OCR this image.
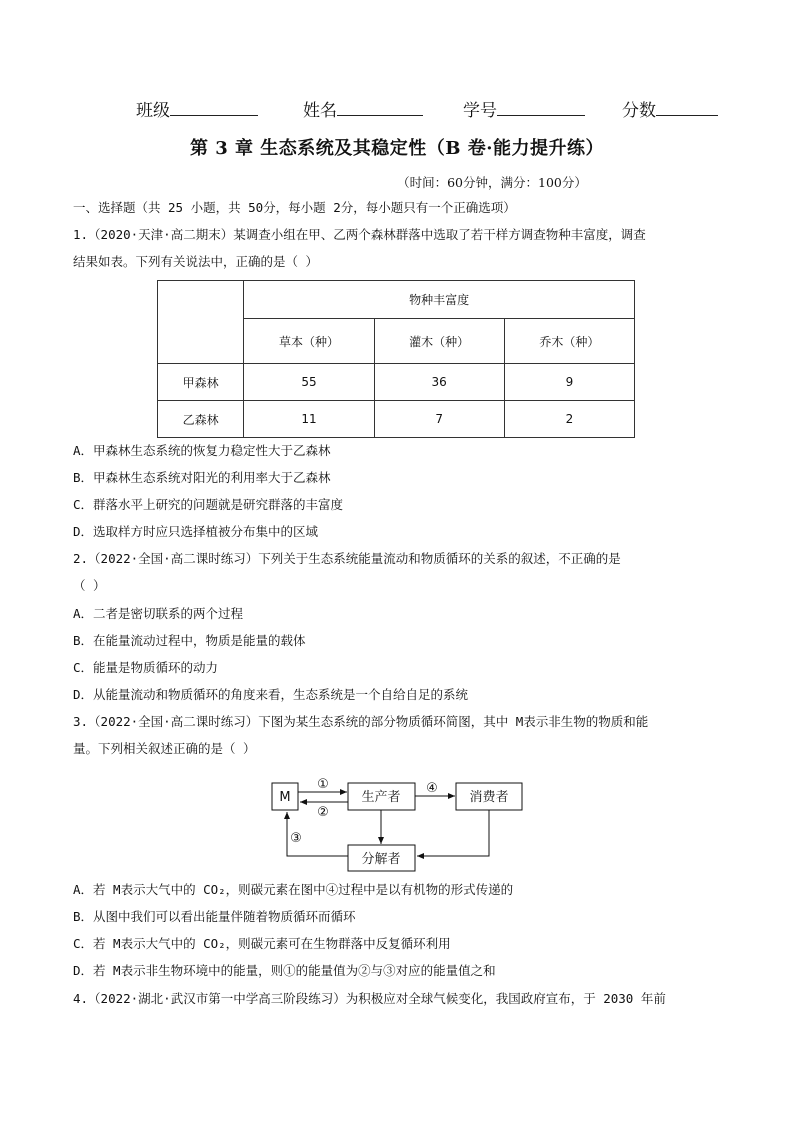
班级	姓名	学号	分数
第 3 章 生态系统及其稳定性（B 卷·能力提升练）
（时间：60分钟，满分：100分）
一、选择题（共 25 小题，共 50分，每小题 2分，每小题只有一个正确选项）
1.（2020·天津·高二期末）某调查小组在甲、乙两个森林群落中选取了若干样方调查物种丰富度，调查
结果如表。下列有关说法中，正确的是（ ）
	物种丰富度		
	草本（种）	灌木（种）	乔木（种）
甲森林	55	36	9
乙森林	11	7	2
A．甲森林生态系统的恢复力稳定性大于乙森林
B．甲森林生态系统对阳光的利用率大于乙森林
C．群落水平上研究的问题就是研究群落的丰富度
D．选取样方时应只选择植被分布集中的区域
2.（2022·全国·高二课时练习）下列关于生态系统能量流动和物质循环的关系的叙述，不正确的是
（ ）
A．二者是密切联系的两个过程
B．在能量流动过程中，物质是能量的载体
C．能量是物质循环的动力
D．从能量流动和物质循环的角度来看，生态系统是一个自给自足的系统
3.（2022·全国·高二课时练习）下图为某生态系统的部分物质循环简图，其中 M表示非生物的物质和能
量。下列相关叙述正确的是（ ）
M	生产者	消费者
分解者
①
②
④
③
A．若 M表示大气中的 CO₂，则碳元素在图中④过程中是以有机物的形式传递的
B．从图中我们可以看出能量伴随着物质循环而循环
C．若 M表示大气中的 CO₂，则碳元素可在生物群落中反复循环利用
D．若 M表示非生物环境中的能量，则①的能量值为②与③对应的能量值之和
4.（2022·湖北·武汉市第一中学高三阶段练习）为积极应对全球气候变化，我国政府宣布，于 2030 年前
